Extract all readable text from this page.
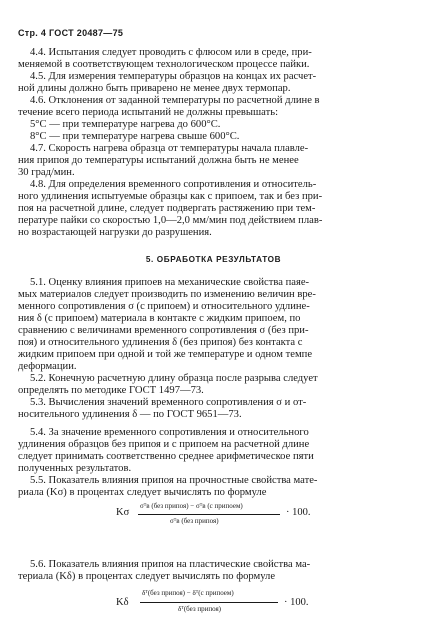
Стр. 4 ГОСТ 20487—75
4.4. Испытания следует проводить с флюсом или в среде, при-
меняемой в соответствующем технологическом процессе пайки.
4.5. Для измерения температуры образцов на концах их расчет-
ной длины должно быть приварено не менее двух термопар.
4.6. Отклонения от заданной температуры по расчетной длине в
течение всего периода испытаний не должны превышать:
5°С — при температуре нагрева до 600°С.
8°С — при температуре нагрева свыше 600°С.
4.7. Скорость нагрева образца от температуры начала плавле-
ния припоя до температуры испытаний должна быть не менее
30 град/мин.
4.8. Для определения временного сопротивления и относитель-
ного удлинения испытуемые образцы как с припоем, так и без при-
поя на расчетной длине, следует подвергать растяжению при тем-
пературе пайки со скоростью 1,0—2,0 мм/мин под действием плав-
но возрастающей нагрузки до разрушения.
5.1. Оценку влияния припоев на механические свойства паяе-
мых материалов следует производить по изменению величин вре-
менного сопротивления σ (с припоем) и относительного удлине-
ния δ (с припоем) материала в контакте с жидким припоем, по
сравнению с величинами временного сопротивления σ (без при-
поя) и относительного удлинения δ (без припоя) без контакта с
жидким припоем при одной и той же температуре и одном темпе
деформации.
5.2. Конечную расчетную длину образца после разрыва следует
определять по методике ГОСТ 1497—73.
5.3. Вычисления значений временного сопротивления σ и от-
носительного удлинения δ — по ГОСТ 9651—73.
5.4. За значение временного сопротивления и относительного
удлинения образцов без припоя и с припоем на расчетной длине
следует принимать соответственно среднее арифметическое пяти
полученных результатов.
5.5. Показатель влияния припоя на прочностные свойства мате-
риала (Kσ) в процентах следует вычислять по формуле
5.6. Показатель влияния припоя на пластические свойства ма-
териала (Kδ) в процентах следует вычислять по формуле
5. ОБРАБОТКА РЕЗУЛЬТАТОВ
Kσ
σᵀв (без припоя) − σᵀв (с припоем)
σᵀв (без припоя)
· 100.
Kδ
δᵀ(без припоя) − δᵀ(с припоем)
δᵀ(без припоя)
· 100.
